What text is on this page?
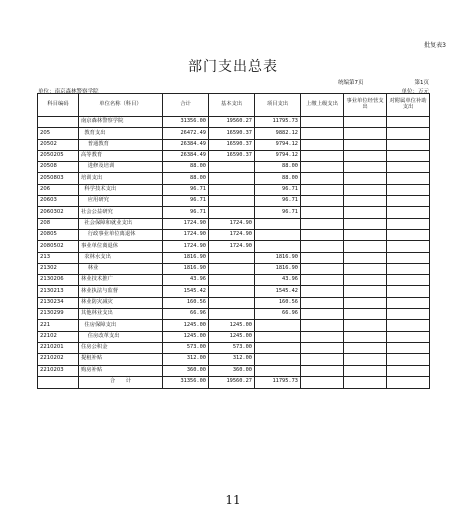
批复表3
部门支出总表
统编第7页	第1页
单位：南京森林警察学院	单位：万元
科目编码	单位名称（科目）	合计	基本支出	项目支出	上缴上级支出	事业单位经营支出	对附属单位补助支出
	南京森林警察学院	31356.00	19560.27	11795.73			
205	教育支出	26472.49	16590.37	9882.12			
20502	普通教育	26384.49	16590.37	9794.12			
2050205	高等教育	26384.49	16590.37	9794.12			
20508	进修及培训	88.00		88.00			
2050803	培训支出	88.00		88.00			
206	科学技术支出	96.71		96.71			
20603	应用研究	96.71		96.71			
2060302	社会公益研究	96.71		96.71			
208	社会保障和就业支出	1724.90	1724.90				
20805	行政事业单位离退休	1724.90	1724.90				
2080502	事业单位离退休	1724.90	1724.90				
213	农林水支出	1816.90		1816.90			
21302	林业	1816.90		1816.90			
2130206	林业技术推广	43.96		43.96			
2130213	林业执法与监督	1545.42		1545.42			
2130234	林业防灾减灾	160.56		160.56			
2130299	其他林业支出	66.96		66.96			
221	住房保障支出	1245.00	1245.00				
22102	住房改革支出	1245.00	1245.00				
2210201	住房公积金	573.00	573.00				
2210202	提租补贴	312.00	312.00				
2210203	购房补贴	360.00	360.00				
	合　　计	31356.00	19560.27	11795.73			
11
